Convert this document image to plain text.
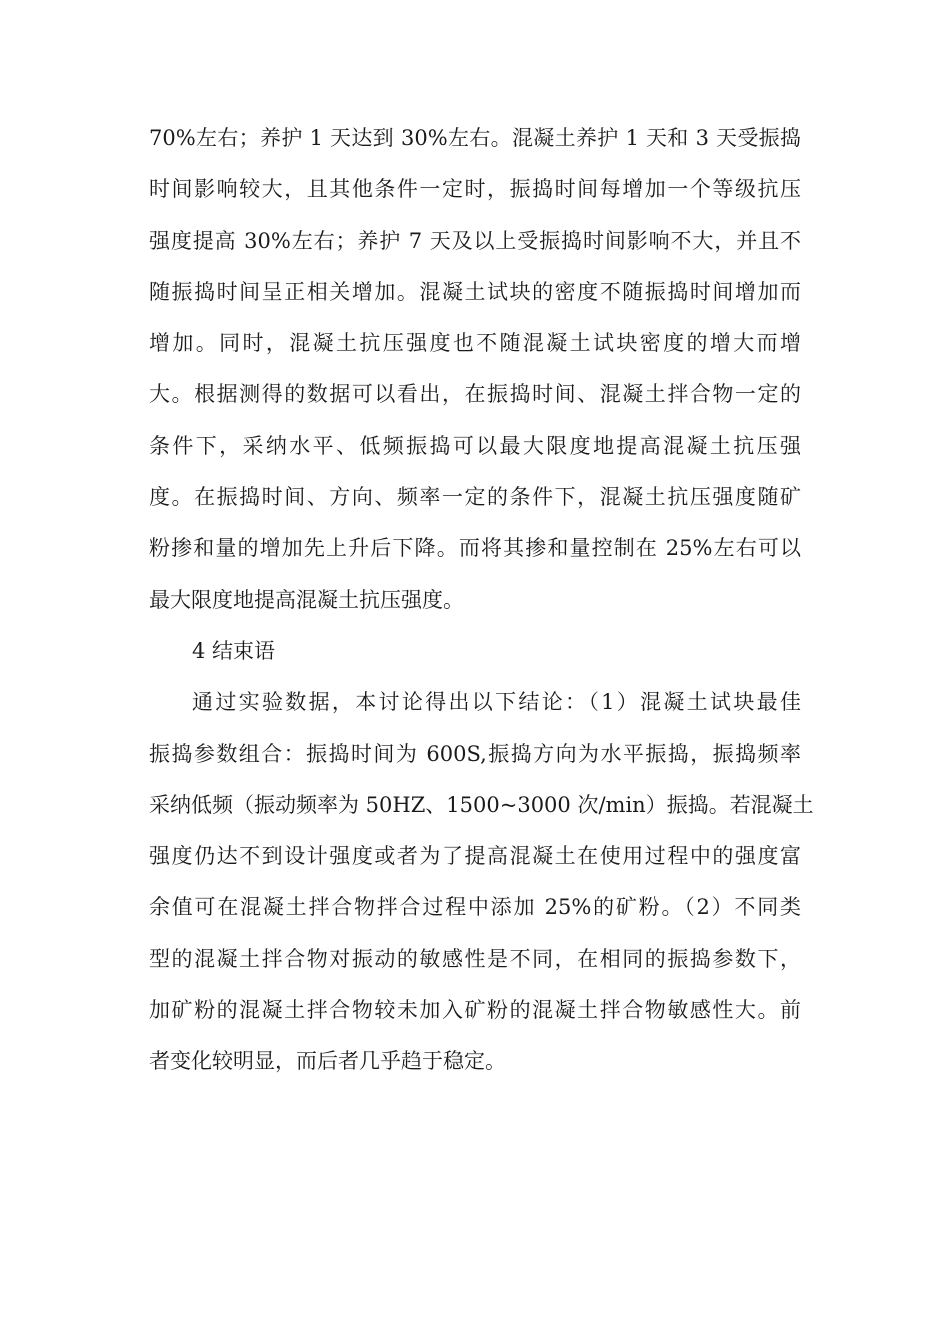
70%左右；养护 1 天达到 30%左右。混凝土养护 1 天和 3 天受振捣
时间影响较大，且其他条件一定时，振捣时间每增加一个等级抗压
强度提高 30%左右；养护 7 天及以上受振捣时间影响不大，并且不
随振捣时间呈正相关增加。混凝土试块的密度不随振捣时间增加而
增加。同时，混凝土抗压强度也不随混凝土试块密度的增大而增
大。根据测得的数据可以看出，在振捣时间、混凝土拌合物一定的
条件下，采纳水平、低频振捣可以最大限度地提高混凝土抗压强
度。在振捣时间、方向、频率一定的条件下，混凝土抗压强度随矿
粉掺和量的增加先上升后下降。而将其掺和量控制在 25%左右可以
最大限度地提高混凝土抗压强度。
4 结束语
通过实验数据，本讨论得出以下结论：（1）混凝土试块最佳
振捣参数组合：振捣时间为 600S,振捣方向为水平振捣，振捣频率
采纳低频（振动频率为 50HZ、1500~3000 次/min）振捣。若混凝土
强度仍达不到设计强度或者为了提高混凝土在使用过程中的强度富
余值可在混凝土拌合物拌合过程中添加 25%的矿粉。（2）不同类
型的混凝土拌合物对振动的敏感性是不同，在相同的振捣参数下，
加矿粉的混凝土拌合物较未加入矿粉的混凝土拌合物敏感性大。前
者变化较明显，而后者几乎趋于稳定。
